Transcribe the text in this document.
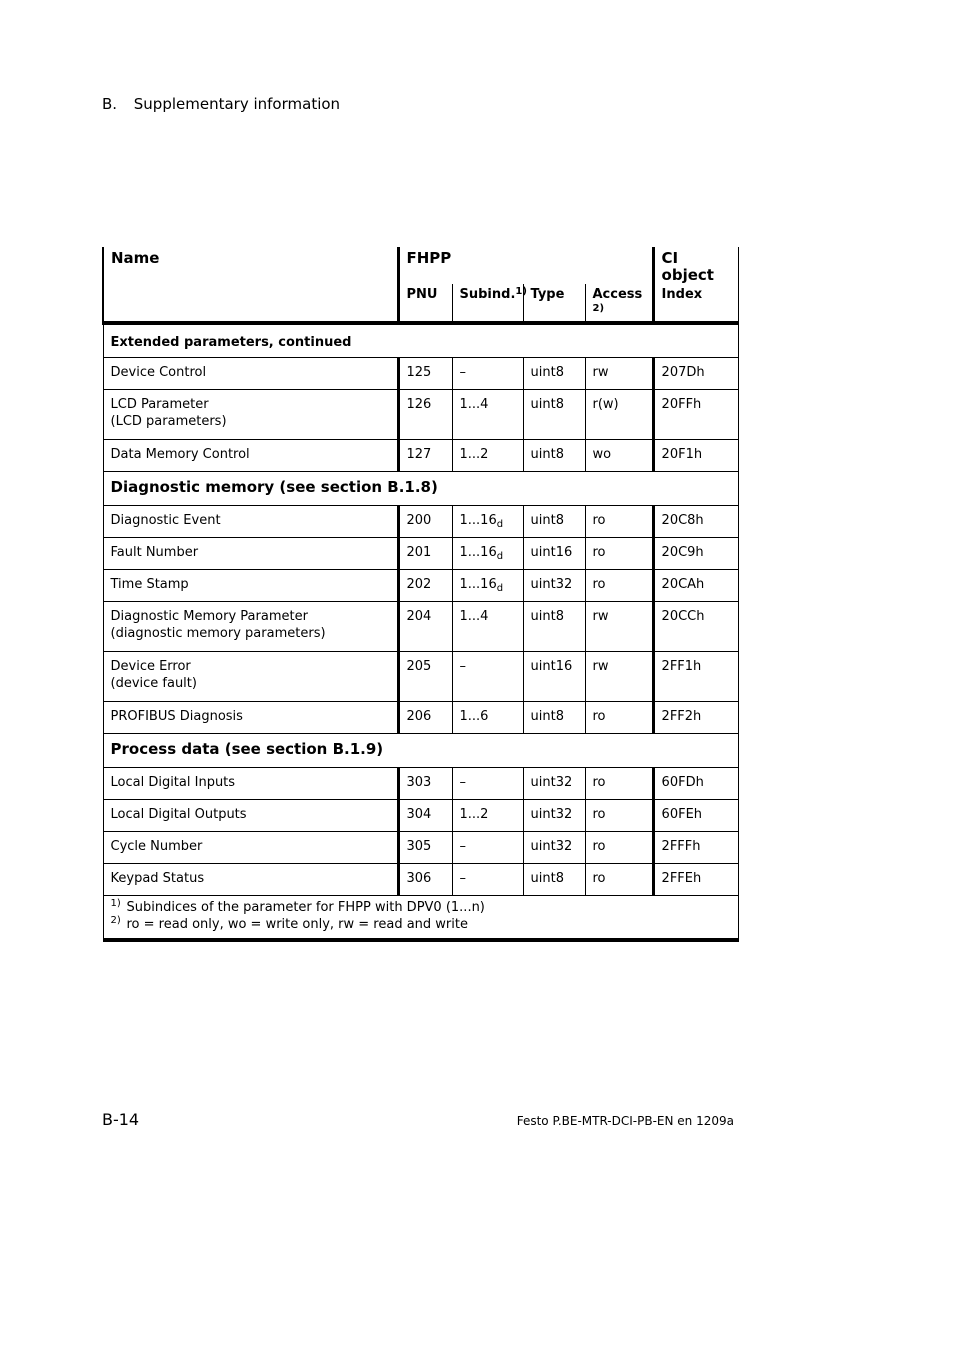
B. Supplementary information
Name	FHPP				CI object
	PNU	Subind.$^{1)}$	Type	Access $^{2)}$	Index
Extended parameters, continued					

Device Control	125	–	uint8	rw	207Dh

LCD Parameter
(LCD parameters)	126	1...4	uint8	r(w)	20FFh

Data Memory Control	127	1...2	uint8	wo	20F1h
Diagnostic memory (see section B.1.8)					

Diagnostic Event	200	$1...16_d$	uint8	ro	20C8h

Fault Number	201	$1...16_d$	uint16	ro	20C9h

Time Stamp	202	$1...16_d$	uint32	ro	20CAh

Diagnostic Memory Parameter
(diagnostic memory parameters)	204	1...4	uint8	rw	20CCh

Device Error
(device fault)	205	–	uint16	rw	2FF1h

PROFIBUS Diagnosis	206	1...6	uint8	ro	2FF2h
Process data (see section B.1.9)					

Local Digital Inputs	303	–	uint32	ro	60FDh

Local Digital Outputs	304	1...2	uint32	ro	60FEh

Cycle Number	305	–	uint32	ro	2FFFh

Keypad Status	306	–	uint8	ro	2FFEh

1) Subindices of the parameter for FHPP with DPV0 (1...n)
2) ro = read only, wo = write only, rw = read and write					
B-14	Festo P.BE-MTR-DCI-PB-EN en 1209a
